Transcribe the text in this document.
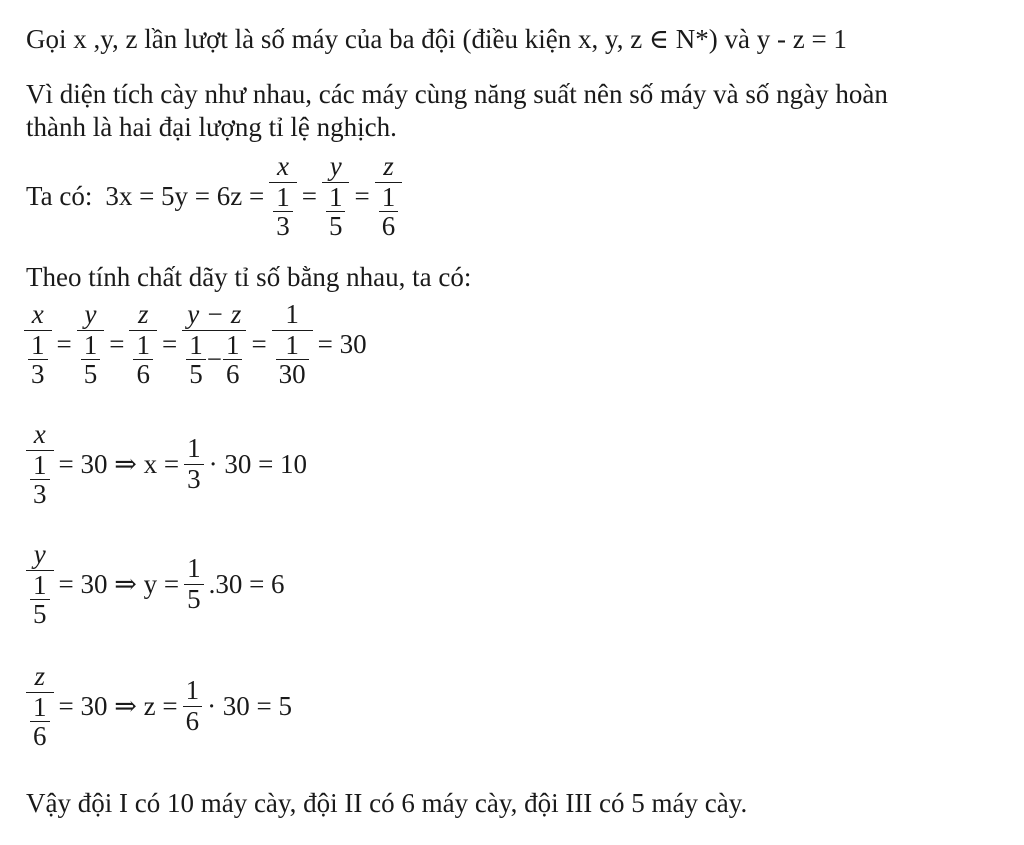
Gọi x ,y, z lần lượt là số máy của ba đội (điều kiện x, y, z ∈ N*) và y - z = 1
Vì diện tích cày như nhau, các máy cùng năng suất nên số máy và số ngày hoàn
thành là hai đại lượng tỉ lệ nghịch.
Ta có: $3x = 5y = 6z = \frac{x}{\frac{1}{3}} = \frac{y}{\frac{1}{5}} = \frac{z}{\frac{1}{6}}$
Theo tính chất dãy tỉ số bằng nhau, ta có:
$\frac{x}{\frac{1}{3}} = \frac{y}{\frac{1}{5}} = \frac{z}{\frac{1}{6}} = \frac{y - z}{\frac{1}{5} - \frac{1}{6}} = \frac{1}{\frac{1}{30}} = 30$
$\frac{x}{\frac{1}{3}} = 30$ ⇒ $x = \frac{1}{3} \cdot 30 = 10$
$\frac{y}{\frac{1}{5}} = 30$ ⇒ $y = \frac{1}{5} .30 = 6$
$\frac{z}{\frac{1}{6}} = 30$ ⇒ $z = \frac{1}{6} \cdot 30 = 5$
Vậy đội I có 10 máy cày, đội II có 6 máy cày, đội III có 5 máy cày.
